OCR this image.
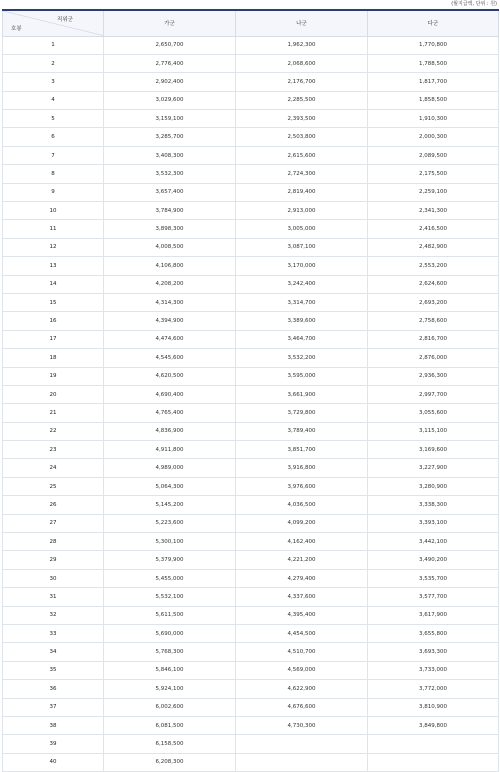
(월지급액, 단위 : 원)
직위군
호봉	가군	나군	다군
1	2,650,700	1,962,300	1,770,800
2	2,776,400	2,068,600	1,788,500
3	2,902,400	2,176,700	1,817,700
4	3,029,600	2,285,500	1,858,500
5	3,159,100	2,393,500	1,910,300
6	3,285,700	2,503,800	2,000,300
7	3,408,300	2,615,600	2,089,500
8	3,532,300	2,724,300	2,175,500
9	3,657,400	2,819,400	2,259,100
10	3,784,900	2,913,000	2,341,300
11	3,898,300	3,005,000	2,416,500
12	4,008,500	3,087,100	2,482,900
13	4,106,800	3,170,000	2,553,200
14	4,208,200	3,242,400	2,624,600
15	4,314,300	3,314,700	2,693,200
16	4,394,900	3,389,600	2,758,600
17	4,474,600	3,464,700	2,816,700
18	4,545,600	3,532,200	2,876,000
19	4,620,500	3,595,000	2,936,300
20	4,690,400	3,661,900	2,997,700
21	4,765,400	3,729,800	3,055,600
22	4,836,900	3,789,400	3,115,100
23	4,911,800	3,851,700	3,169,600
24	4,989,000	3,916,800	3,227,900
25	5,064,300	3,976,600	3,280,900
26	5,145,200	4,036,500	3,338,300
27	5,223,600	4,099,200	3,393,100
28	5,300,100	4,162,400	3,442,100
29	5,379,900	4,221,200	3,490,200
30	5,455,000	4,279,400	3,535,700
31	5,532,100	4,337,600	3,577,700
32	5,611,500	4,395,400	3,617,900
33	5,690,000	4,454,500	3,655,800
34	5,768,300	4,510,700	3,693,300
35	5,846,100	4,569,000	3,733,000
36	5,924,100	4,622,900	3,772,000
37	6,002,600	4,676,600	3,810,900
38	6,081,500	4,730,300	3,849,800
39	6,158,500		
40	6,208,300		
